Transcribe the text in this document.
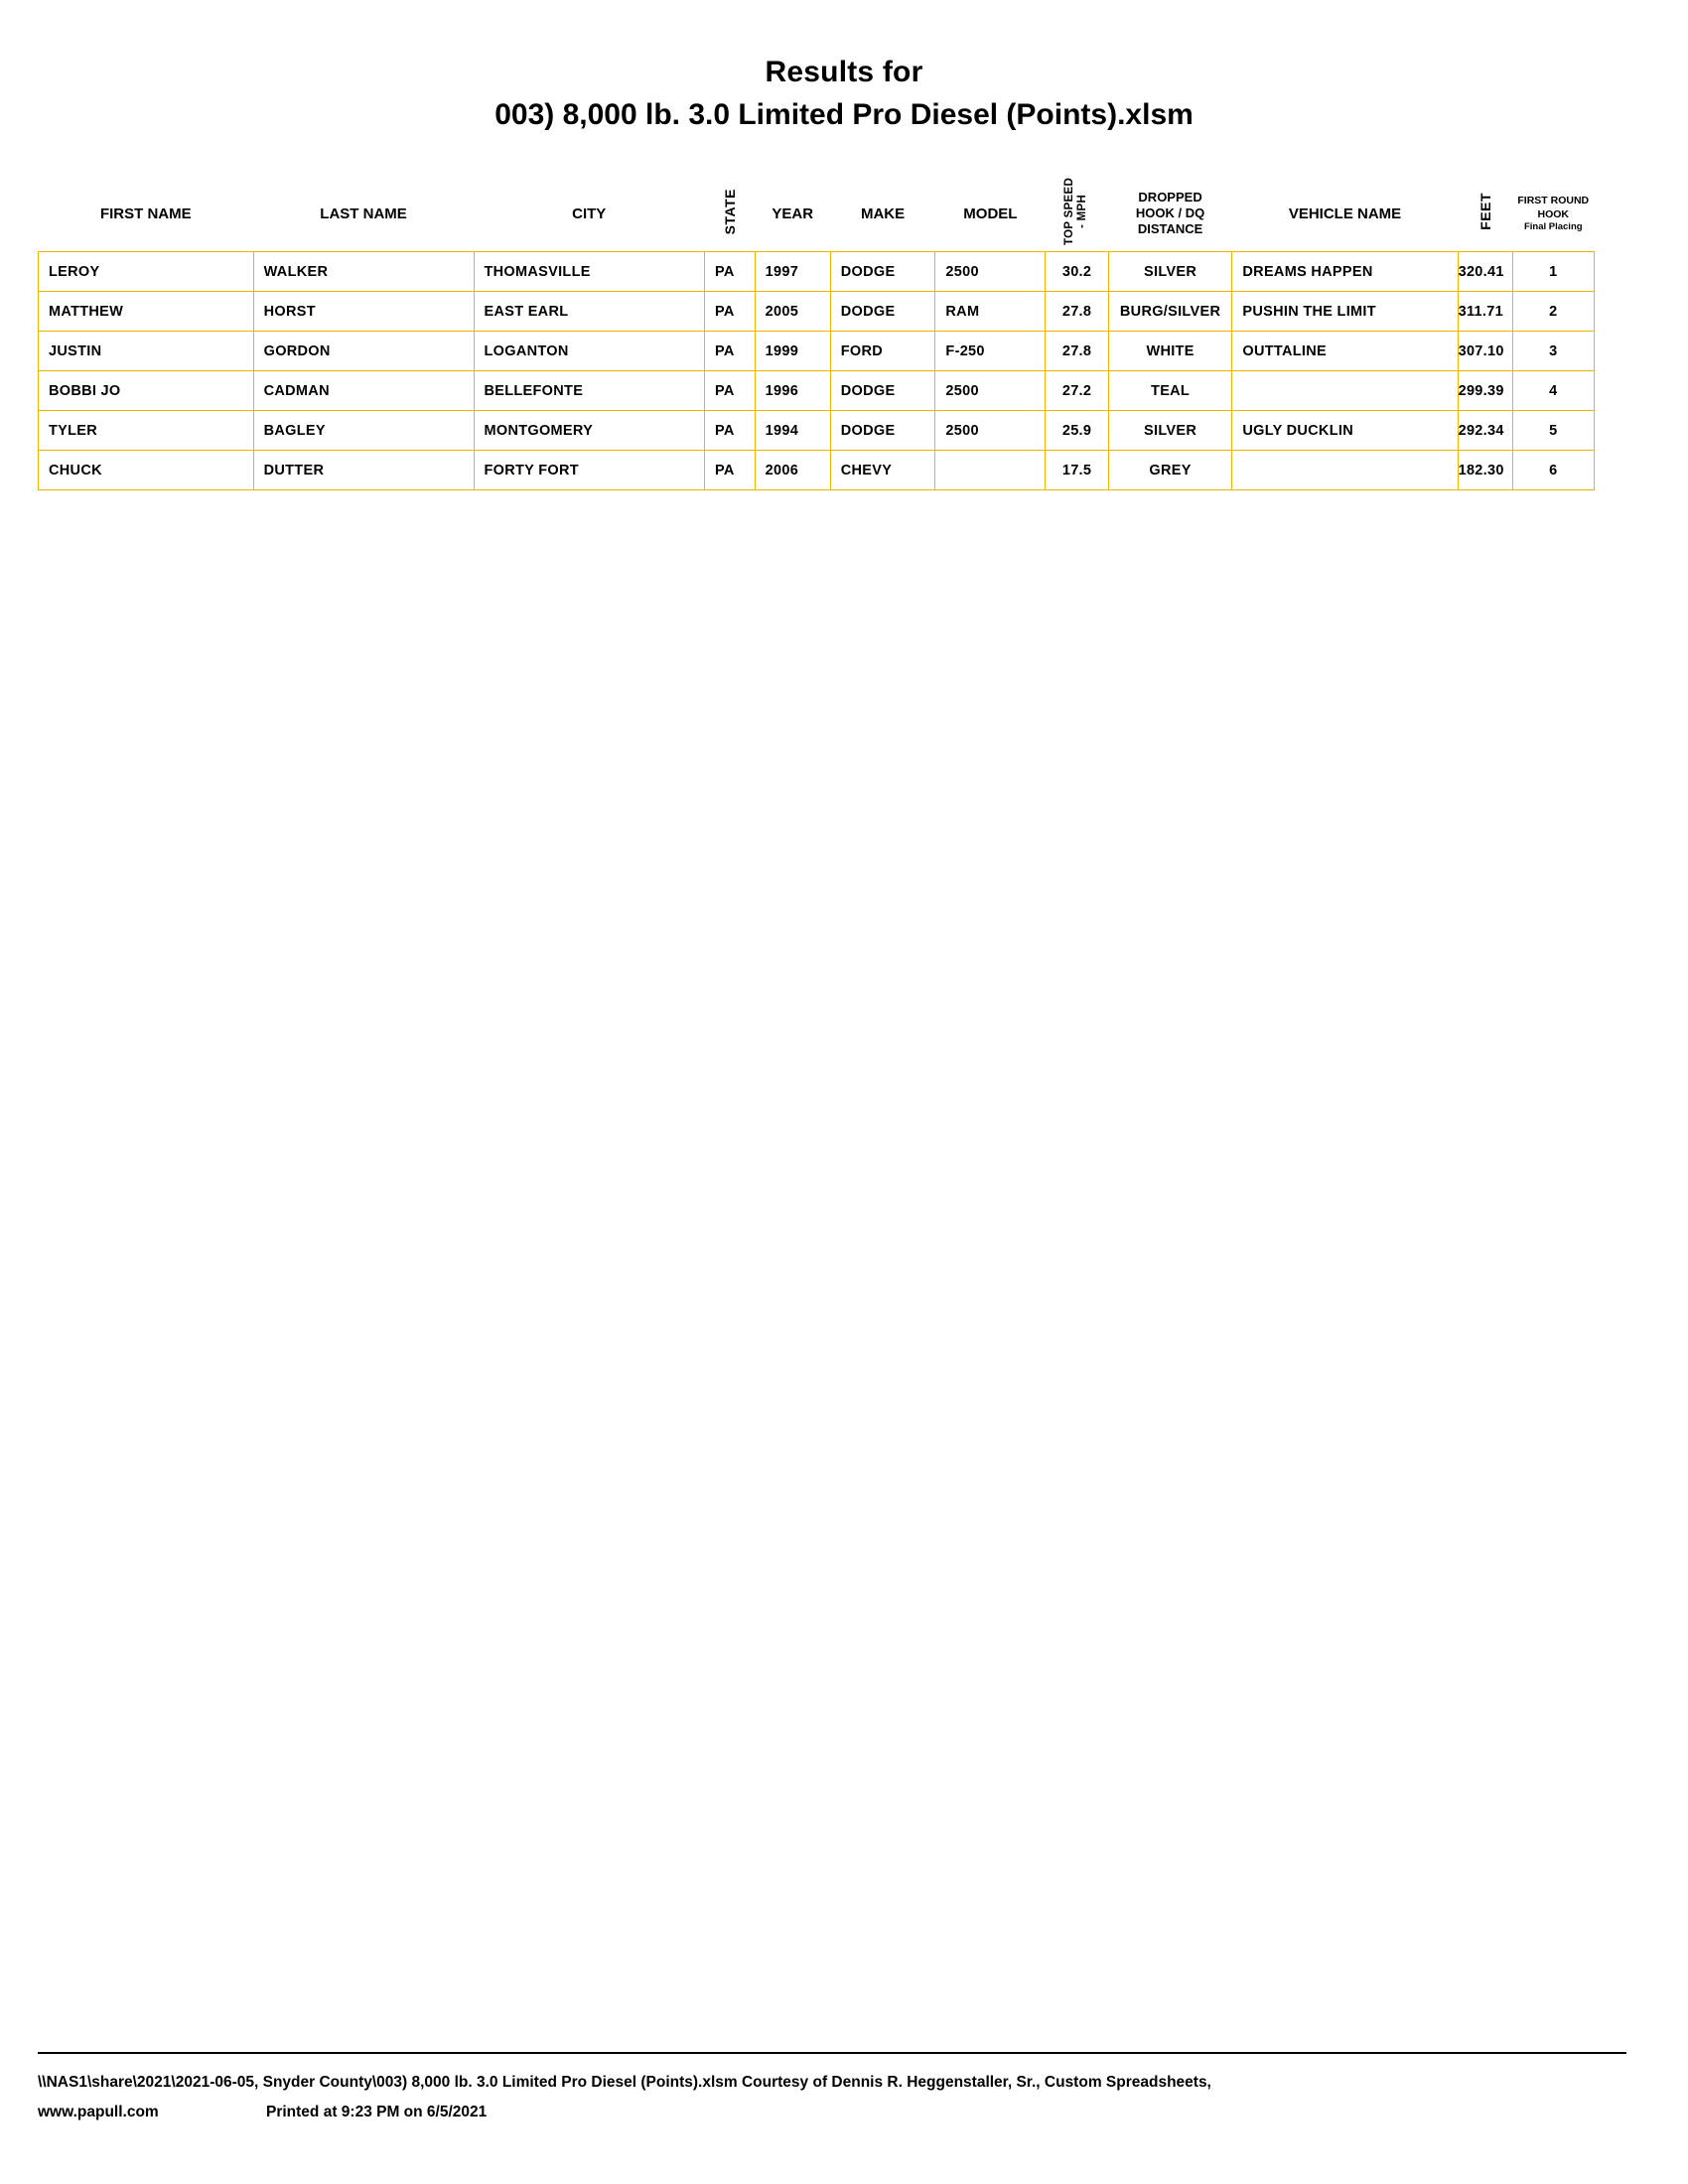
Results for
003) 8,000 lb. 3.0 Limited Pro Diesel (Points).xlsm
FIRST NAME	LAST NAME	CITY	STATE	YEAR	MAKE	MODEL	TOP SPEED - MPH	DROPPED
HOOK / DQ
DISTANCE
	VEHICLE NAME	FEET	FIRST ROUND
HOOK
Final Placing

LEROY	WALKER	THOMASVILLE	PA	1997	DODGE	2500	30.2	SILVER	DREAMS HAPPEN	320.41	1
MATTHEW	HORST	EAST EARL	PA	2005	DODGE	RAM	27.8	BURG/SILVER	PUSHIN THE LIMIT	311.71	2
JUSTIN	GORDON	LOGANTON	PA	1999	FORD	F-250	27.8	WHITE	OUTTALINE	307.10	3
BOBBI JO	CADMAN	BELLEFONTE	PA	1996	DODGE	2500	27.2	TEAL		299.39	4
TYLER	BAGLEY	MONTGOMERY	PA	1994	DODGE	2500	25.9	SILVER	UGLY DUCKLIN	292.34	5
CHUCK	DUTTER	FORTY FORT	PA	2006	CHEVY		17.5	GREY		182.30	6
\\NAS1\share\2021\2021-06-05, Snyder County\003) 8,000 lb. 3.0 Limited Pro Diesel (Points).xlsm Courtesy of Dennis R. Heggenstaller, Sr., Custom Spreadsheets,
www.papull.com	Printed at 9:23 PM on 6/5/2021
